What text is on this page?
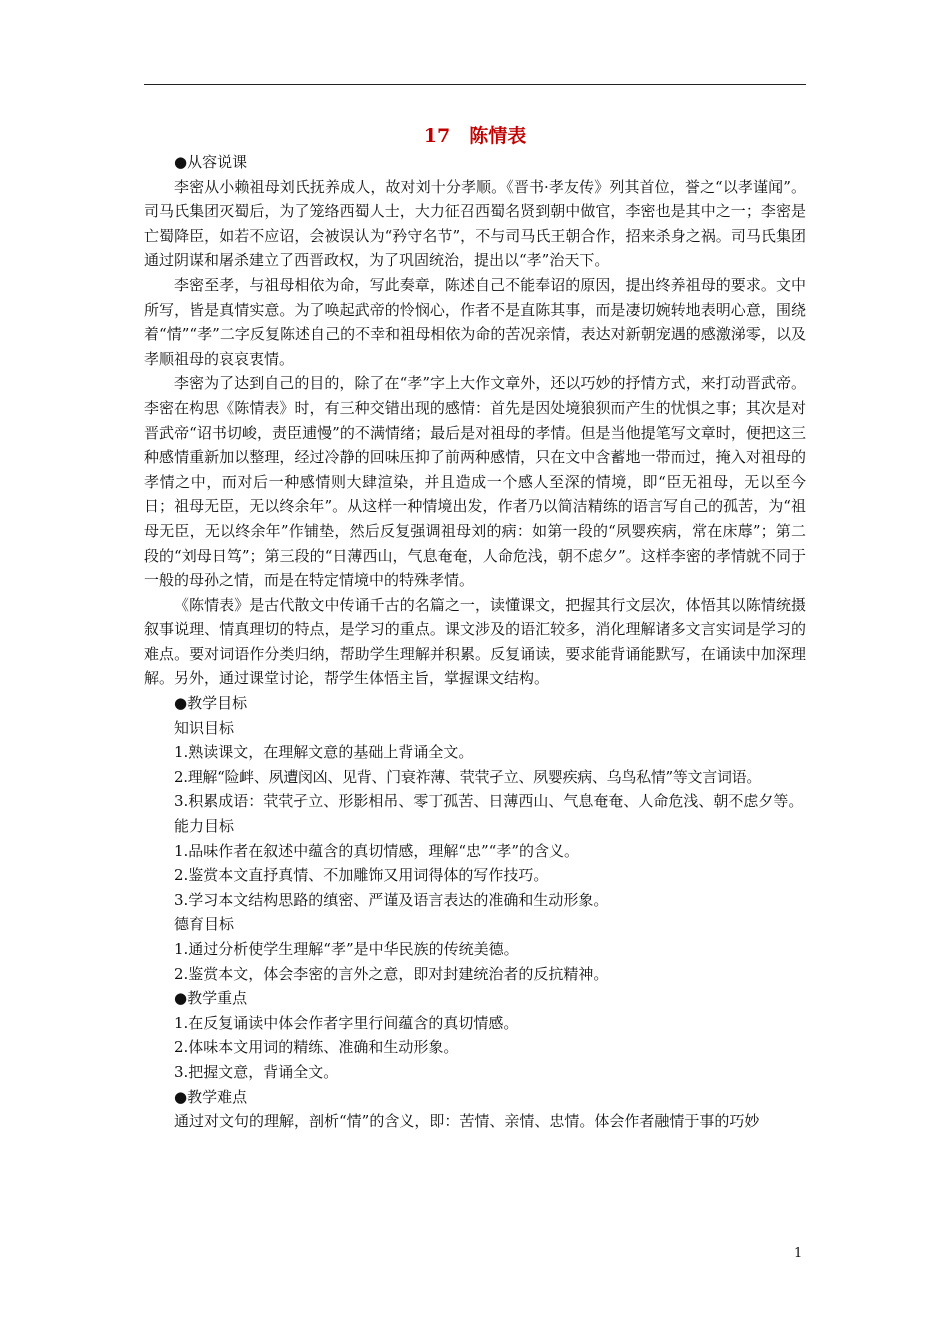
17　陈情表

●从容说课

李密从小赖祖母刘氏抚养成人，故对刘十分孝顺。《晋书·孝友传》列其首位，誉之“以孝谨闻”。司马氏集团灭蜀后，为了笼络西蜀人士，大力征召西蜀名贤到朝中做官，李密也是其中之一；李密是亡蜀降臣，如若不应诏，会被误认为“矜守名节”，不与司马氏王朝合作，招来杀身之祸。司马氏集团通过阴谋和屠杀建立了西晋政权，为了巩固统治，提出以“孝”治天下。

李密至孝，与祖母相依为命，写此奏章，陈述自己不能奉诏的原因，提出终养祖母的要求。文中所写，皆是真情实意。为了唤起武帝的怜悯心，作者不是直陈其事，而是凄切婉转地表明心意，围绕着“情”“孝”二字反复陈述自己的不幸和祖母相依为命的苦况亲情，表达对新朝宠遇的感激涕零，以及孝顺祖母的哀哀衷情。

李密为了达到自己的目的，除了在“孝”字上大作文章外，还以巧妙的抒情方式，来打动晋武帝。李密在构思《陈情表》时，有三种交错出现的感情：首先是因处境狼狈而产生的忧惧之事；其次是对晋武帝“诏书切峻，责臣逋慢”的不满情绪；最后是对祖母的孝情。但是当他提笔写文章时，便把这三种感情重新加以整理，经过冷静的回味压抑了前两种感情，只在文中含蓄地一带而过，掩入对祖母的孝情之中，而对后一种感情则大肆渲染，并且造成一个感人至深的情境，即“臣无祖母，无以至今日；祖母无臣，无以终余年”。从这样一种情境出发，作者乃以简洁精练的语言写自己的孤苦，为“祖母无臣，无以终余年”作铺垫，然后反复强调祖母刘的病：如第一段的“夙婴疾病，常在床蓐”；第二段的“刘母日笃”；第三段的“日薄西山，气息奄奄，人命危浅，朝不虑夕”。这样李密的孝情就不同于一般的母孙之情，而是在特定情境中的特殊孝情。

《陈情表》是古代散文中传诵千古的名篇之一，读懂课文，把握其行文层次，体悟其以陈情统摄叙事说理、情真理切的特点，是学习的重点。课文涉及的语汇较多，消化理解诸多文言实词是学习的难点。要对词语作分类归纳，帮助学生理解并积累。反复诵读，要求能背诵能默写，在诵读中加深理解。另外，通过课堂讨论，帮学生体悟主旨，掌握课文结构。

●教学目标

知识目标

1.熟读课文，在理解文意的基础上背诵全文。

2.理解“险衅、夙遭闵凶、见背、门衰祚薄、茕茕孑立、夙婴疾病、乌鸟私情”等文言词语。

3.积累成语：茕茕孑立、形影相吊、零丁孤苦、日薄西山、气息奄奄、人命危浅、朝不虑夕等。

能力目标

1.品味作者在叙述中蕴含的真切情感，理解“忠”“孝”的含义。

2.鉴赏本文直抒真情、不加雕饰又用词得体的写作技巧。

3.学习本文结构思路的缜密、严谨及语言表达的准确和生动形象。

德育目标

1.通过分析使学生理解“孝”是中华民族的传统美德。

2.鉴赏本文，体会李密的言外之意，即对封建统治者的反抗精神。

●教学重点

1.在反复诵读中体会作者字里行间蕴含的真切情感。

2.体味本文用词的精练、准确和生动形象。

3.把握文意，背诵全文。

●教学难点

通过对文句的理解，剖析“情”的含义，即：苦情、亲情、忠情。体会作者融情于事的巧妙

1
